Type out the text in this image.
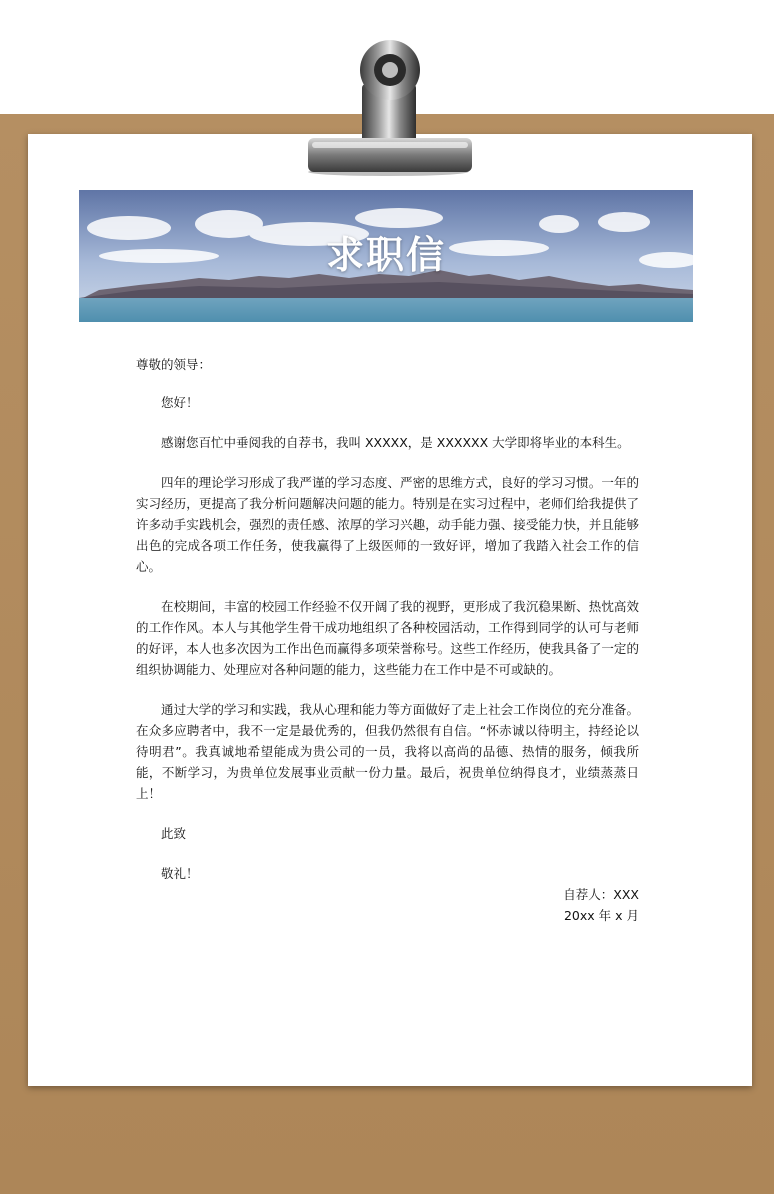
求职信

尊敬的领导：

您好！

感谢您百忙中垂阅我的自荐书，我叫 XXXXX，是 XXXXXX 大学即将毕业的本科生。

四年的理论学习形成了我严谨的学习态度、严密的思维方式，良好的学习习惯。一年的实习经历，更提高了我分析问题解决问题的能力。特别是在实习过程中，老师们给我提供了许多动手实践机会，强烈的责任感、浓厚的学习兴趣，动手能力强、接受能力快，并且能够出色的完成各项工作任务，使我赢得了上级医师的一致好评，增加了我踏入社会工作的信心。

在校期间，丰富的校园工作经验不仅开阔了我的视野，更形成了我沉稳果断、热忱高效的工作作风。本人与其他学生骨干成功地组织了各种校园活动，工作得到同学的认可与老师的好评，本人也多次因为工作出色而赢得多项荣誉称号。这些工作经历，使我具备了一定的组织协调能力、处理应对各种问题的能力，这些能力在工作中是不可或缺的。

通过大学的学习和实践，我从心理和能力等方面做好了走上社会工作岗位的充分准备。在众多应聘者中，我不一定是最优秀的，但我仍然很有自信。“怀赤诚以待明主，持经论以待明君”。我真诚地希望能成为贵公司的一员，我将以高尚的品德、热情的服务，倾我所能，不断学习，为贵单位发展事业贡献一份力量。最后，祝贵单位纳得良才，业绩蒸蒸日上！

此致

敬礼！

自荐人：XXX

20xx 年 x 月
